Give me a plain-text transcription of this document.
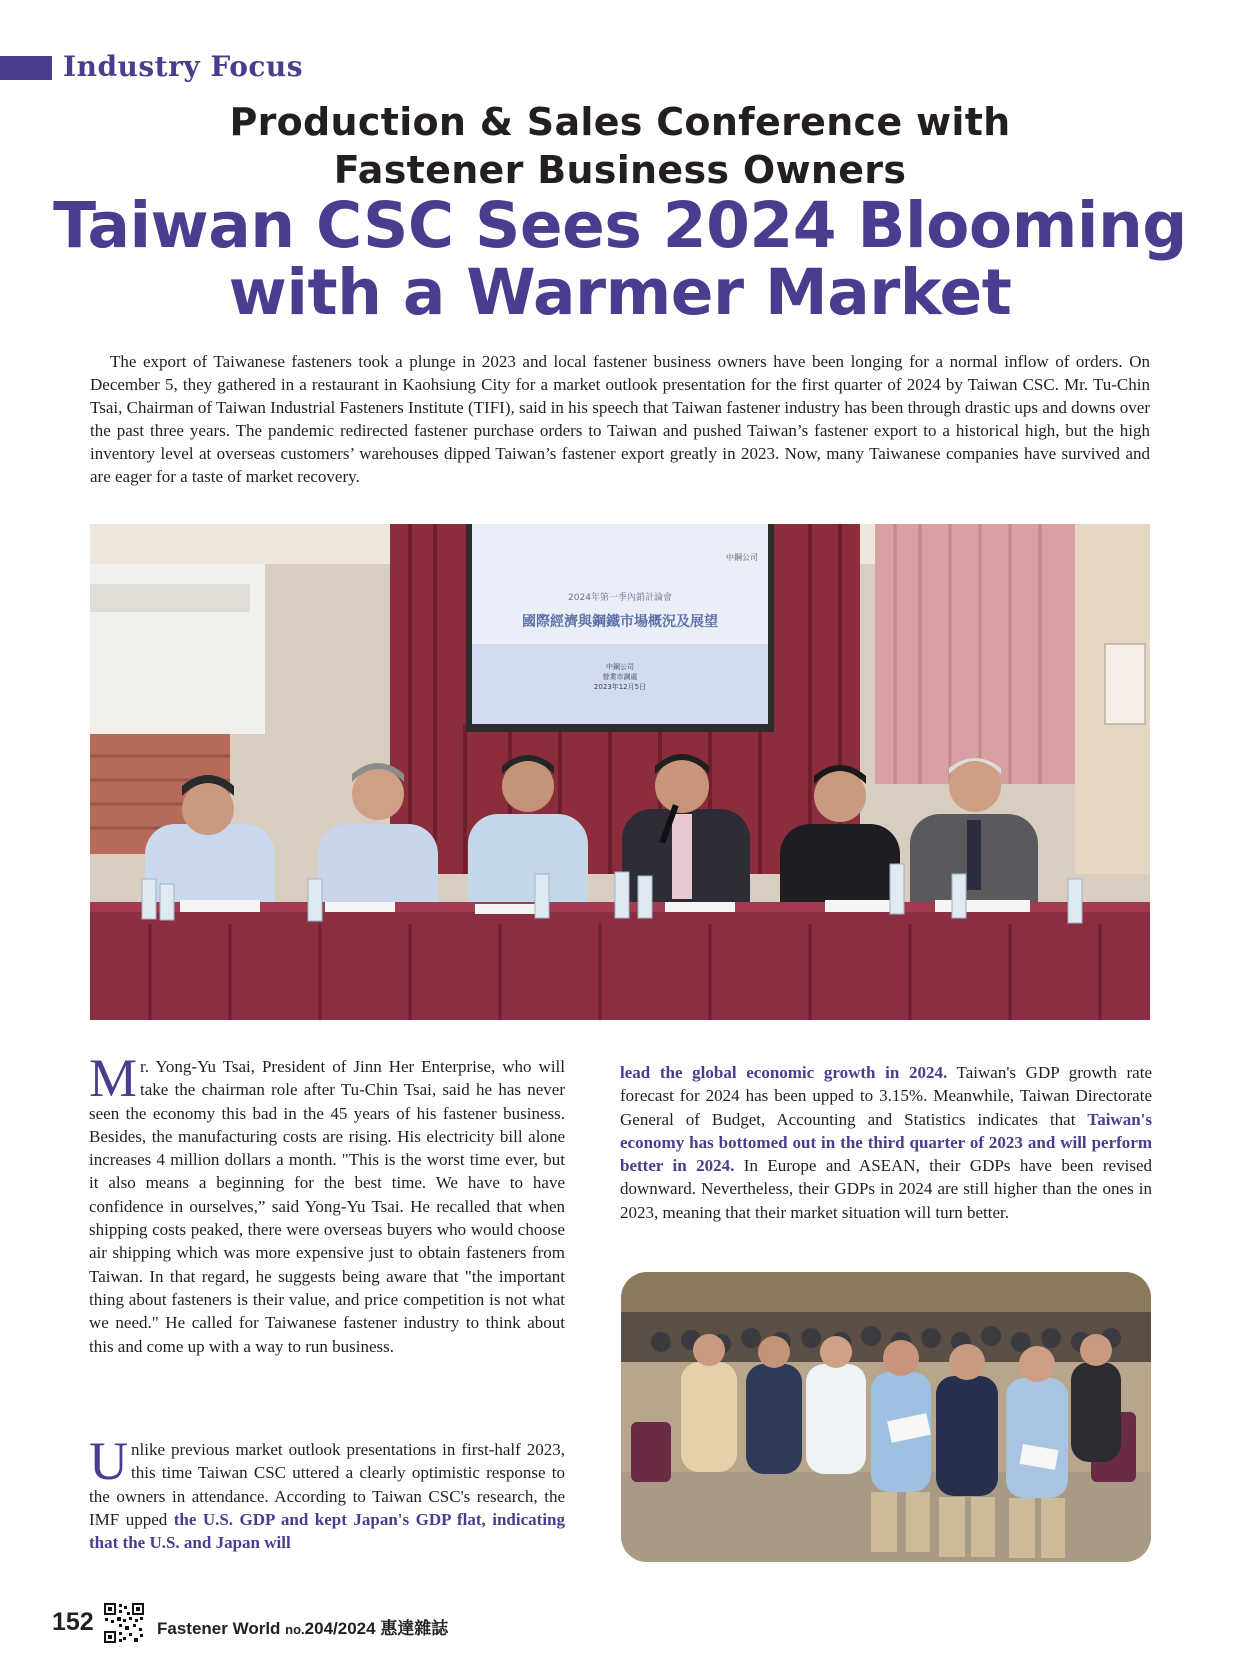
Industry Focus
Production & Sales Conference with
Fastener Business Owners
Taiwan CSC Sees 2024 Blooming
with a Warmer Market

The export of Taiwanese fasteners took a plunge in 2023 and local fastener business owners have been longing for a normal inflow of orders. On December 5, they gathered in a restaurant in Kaohsiung City for a market outlook presentation for the first quarter of 2024 by Taiwan CSC. Mr. Tu-Chin Tsai, Chairman of Taiwan Industrial Fasteners Institute (TIFI), said in his speech that Taiwan fastener industry has been through drastic ups and downs over the past three years. The pandemic redirected fastener purchase orders to Taiwan and pushed Taiwan’s fastener export to a historical high, but the high inventory level at overseas customers’ warehouses dipped Taiwan’s fastener export greatly in 2023. Now, many Taiwanese companies have survived and are eager for a taste of market recovery.

中鋼公司
2024年第一季內銷計論會
國際經濟與鋼鐵市場概況及展望
中鋼公司
營業市調處
2023年12月5日

Mr. Yong-Yu Tsai, President of Jinn Her Enterprise, who will take the chairman role after Tu-Chin Tsai, said he has never seen the economy this bad in the 45 years of his fastener business. Besides, the manufacturing costs are rising. His electricity bill alone increases 4 million dollars a month. "This is the worst time ever, but it also means a beginning for the best time. We have to have confidence in ourselves,” said Yong-Yu Tsai. He recalled that when shipping costs peaked, there were overseas buyers who would choose air shipping which was more expensive just to obtain fasteners from Taiwan. In that regard, he suggests being aware that "the important thing about fasteners is their value, and price competition is not what we need." He called for Taiwanese fastener industry to think about this and come up with a way to run business.

Unlike previous market outlook presentations in first-half 2023, this time Taiwan CSC uttered a clearly optimistic response to the owners in attendance. According to Taiwan CSC's research, the IMF upped the U.S. GDP and kept Japan's GDP flat, indicating that the U.S. and Japan will

lead the global economic growth in 2024. Taiwan's GDP growth rate forecast for 2024 has been upped to 3.15%. Meanwhile, Taiwan Directorate General of Budget, Accounting and Statistics indicates that Taiwan's economy has bottomed out in the third quarter of 2023 and will perform better in 2024. In Europe and ASEAN, their GDPs have been revised downward. Nevertheless, their GDPs in 2024 are still higher than the ones in 2023, meaning that their market situation will turn better.

152	Fastener World no.204/2024 惠達雜誌
